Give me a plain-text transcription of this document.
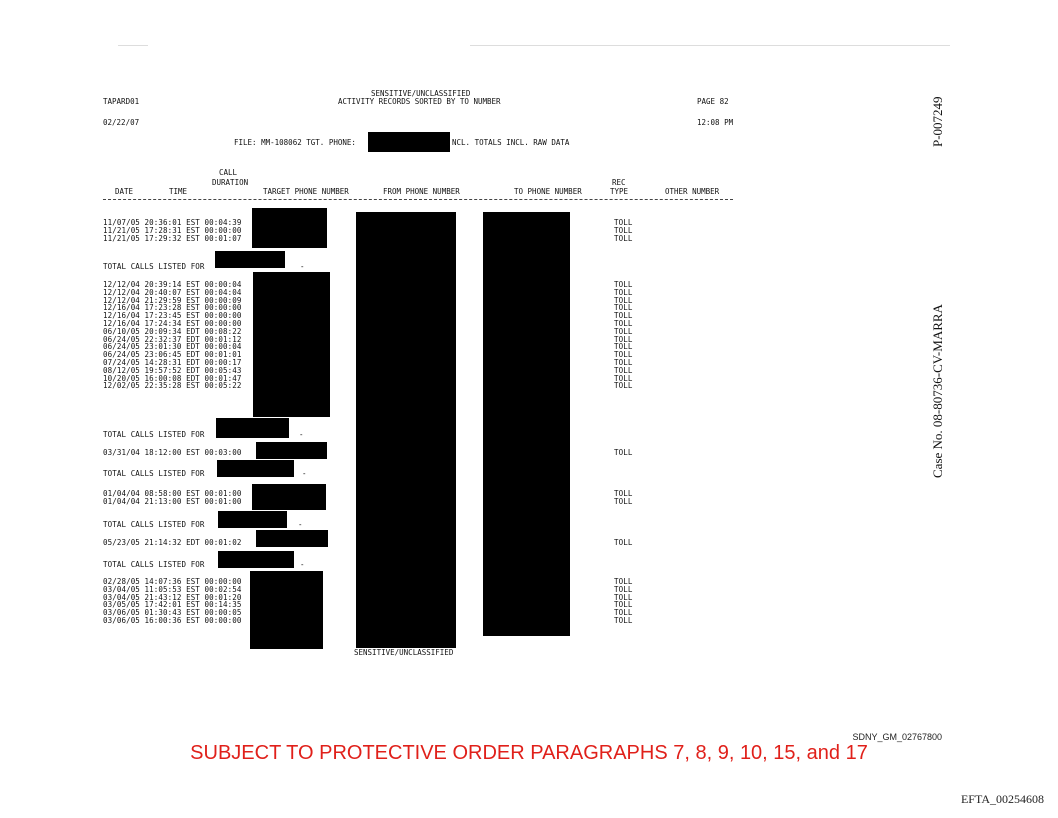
TAPARD01
SENSITIVE/UNCLASSIFIED
ACTIVITY RECORDS SORTED BY TO NUMBER	PAGE 82
02/22/07	12:08 PM
FILE: MM-108062 TGT. PHONE:	NCL. TOTALS INCL. RAW DATA
CALL
DURATION
DATE	TIME	TARGET PHONE NUMBER	FROM PHONE NUMBER	TO PHONE NUMBER
REC
TYPE	OTHER NUMBER
11/07/05 20:36:01 EST 00:04:39	TOLL
11/21/05 17:28:31 EST 00:00:00	TOLL
11/21/05 17:29:32 EST 00:01:07	TOLL
TOTAL CALLS LISTED FOR	-
12/12/04 20:39:14 EST 00:00:04	TOLL
12/12/04 20:40:07 EST 00:04:04	TOLL
12/12/04 21:29:59 EST 00:00:09	TOLL
12/16/04 17:23:28 EST 00:00:00	TOLL
12/16/04 17:23:45 EST 00:00:00	TOLL
12/16/04 17:24:34 EST 00:00:00	TOLL
06/10/05 20:09:34 EDT 00:08:22	TOLL
06/24/05 22:32:37 EDT 00:01:12	TOLL
06/24/05 23:01:30 EDT 00:00:04	TOLL
06/24/05 23:06:45 EDT 00:01:01	TOLL
07/24/05 14:28:31 EDT 00:00:17	TOLL
08/12/05 19:57:52 EDT 00:05:43	TOLL
10/20/05 16:00:08 EDT 00:01:47	TOLL
12/02/05 22:35:28 EST 00:05:22	TOLL
TOTAL CALLS LISTED FOR	-
03/31/04 18:12:00 EST 00:03:00	TOLL
TOTAL CALLS LISTED FOR	-
01/04/04 08:58:00 EST 00:01:00	TOLL
01/04/04 21:13:00 EST 00:01:00	TOLL
TOTAL CALLS LISTED FOR	-
05/23/05 21:14:32 EDT 00:01:02	TOLL
TOTAL CALLS LISTED FOR	-
02/28/05 14:07:36 EST 00:00:00	TOLL
03/04/05 11:05:53 EST 00:02:54	TOLL
03/04/05 21:43:12 EST 00:01:20	TOLL
03/05/05 17:42:01 EST 00:14:35	TOLL
03/06/05 01:30:43 EST 00:00:05	TOLL
03/06/05 16:00:36 EST 00:00:00	TOLL
SENSITIVE/UNCLASSIFIED
P-007249
Case No. 08-80736-CV-MARRA
SDNY_GM_02767800
SUBJECT TO PROTECTIVE ORDER PARAGRAPHS 7, 8, 9, 10, 15, and 17
EFTA_00254608
